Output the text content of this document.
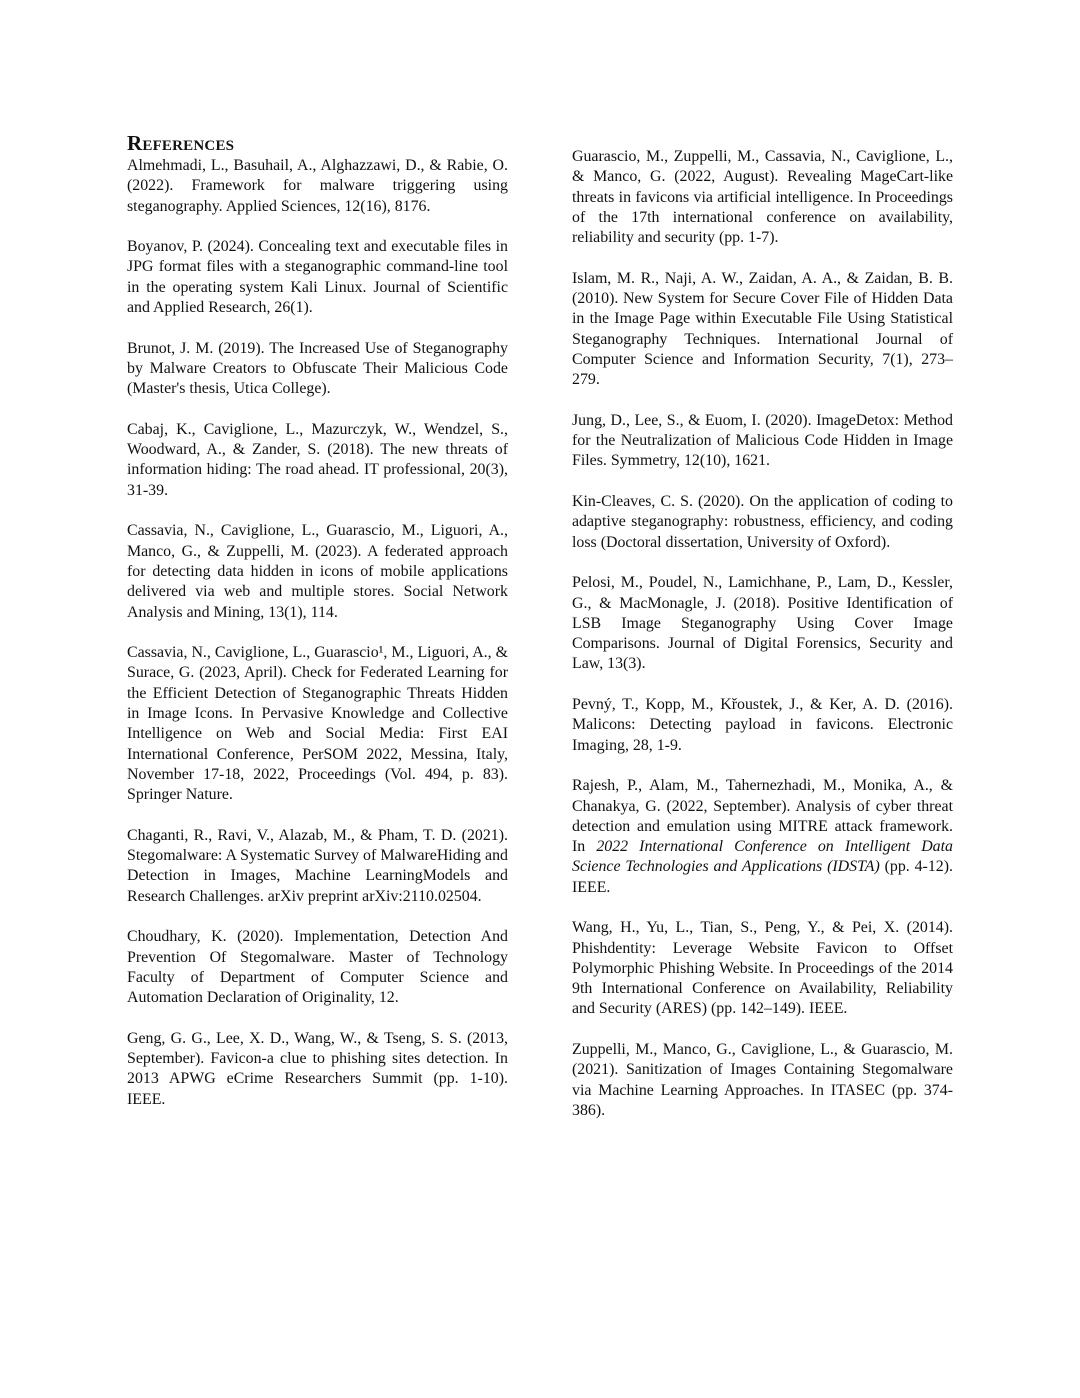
References

Almehmadi, L., Basuhail, A., Alghazzawi, D., & Rabie, O. (2022). Framework for malware triggering using steganography. Applied Sciences, 12(16), 8176.

Boyanov, P. (2024). Concealing text and executable files in JPG format files with a steganographic command-line tool in the operating system Kali Linux. Journal of Scientific and Applied Research, 26(1).

Brunot, J. M. (2019). The Increased Use of Steganography by Malware Creators to Obfuscate Their Malicious Code (Master's thesis, Utica College).

Cabaj, K., Caviglione, L., Mazurczyk, W., Wendzel, S., Woodward, A., & Zander, S. (2018). The new threats of information hiding: The road ahead. IT professional, 20(3), 31-39.

Cassavia, N., Caviglione, L., Guarascio, M., Liguori, A., Manco, G., & Zuppelli, M. (2023). A federated approach for detecting data hidden in icons of mobile applications delivered via web and multiple stores. Social Network Analysis and Mining, 13(1), 114.

Cassavia, N., Caviglione, L., Guarascio¹, M., Liguori, A., & Surace, G. (2023, April). Check for Federated Learning for the Efficient Detection of Steganographic Threats Hidden in Image Icons. In Pervasive Knowledge and Collective Intelligence on Web and Social Media: First EAI International Conference, PerSOM 2022, Messina, Italy, November 17-18, 2022, Proceedings (Vol. 494, p. 83). Springer Nature.

Chaganti, R., Ravi, V., Alazab, M., & Pham, T. D. (2021). Stegomalware: A Systematic Survey of MalwareHiding and Detection in Images, Machine LearningModels and Research Challenges. arXiv preprint arXiv:2110.02504.

Choudhary, K. (2020). Implementation, Detection And Prevention Of Stegomalware. Master of Technology Faculty of Department of Computer Science and Automation Declaration of Originality, 12.

Geng, G. G., Lee, X. D., Wang, W., & Tseng, S. S. (2013, September). Favicon-a clue to phishing sites detection. In 2013 APWG eCrime Researchers Summit (pp. 1-10). IEEE.

Guarascio, M., Zuppelli, M., Cassavia, N., Caviglione, L., & Manco, G. (2022, August). Revealing MageCart-like threats in favicons via artificial intelligence. In Proceedings of the 17th international conference on availability, reliability and security (pp. 1-7).

Islam, M. R., Naji, A. W., Zaidan, A. A., & Zaidan, B. B. (2010). New System for Secure Cover File of Hidden Data in the Image Page within Executable File Using Statistical Steganography Techniques. International Journal of Computer Science and Information Security, 7(1), 273–279.

Jung, D., Lee, S., & Euom, I. (2020). ImageDetox: Method for the Neutralization of Malicious Code Hidden in Image Files. Symmetry, 12(10), 1621.

Kin-Cleaves, C. S. (2020). On the application of coding to adaptive steganography: robustness, efficiency, and coding loss (Doctoral dissertation, University of Oxford).

Pelosi, M., Poudel, N., Lamichhane, P., Lam, D., Kessler, G., & MacMonagle, J. (2018). Positive Identification of LSB Image Steganography Using Cover Image Comparisons. Journal of Digital Forensics, Security and Law, 13(3).

Pevný, T., Kopp, M., Křoustek, J., & Ker, A. D. (2016). Malicons: Detecting payload in favicons. Electronic Imaging, 28, 1-9.

Rajesh, P., Alam, M., Tahernezhadi, M., Monika, A., & Chanakya, G. (2022, September). Analysis of cyber threat detection and emulation using MITRE attack framework. In 2022 International Conference on Intelligent Data Science Technologies and Applications (IDSTA) (pp. 4-12). IEEE.

Wang, H., Yu, L., Tian, S., Peng, Y., & Pei, X. (2014). Phishdentity: Leverage Website Favicon to Offset Polymorphic Phishing Website. In Proceedings of the 2014 9th International Conference on Availability, Reliability and Security (ARES) (pp. 142–149). IEEE.

Zuppelli, M., Manco, G., Caviglione, L., & Guarascio, M. (2021). Sanitization of Images Containing Stegomalware via Machine Learning Approaches. In ITASEC (pp. 374-386).
